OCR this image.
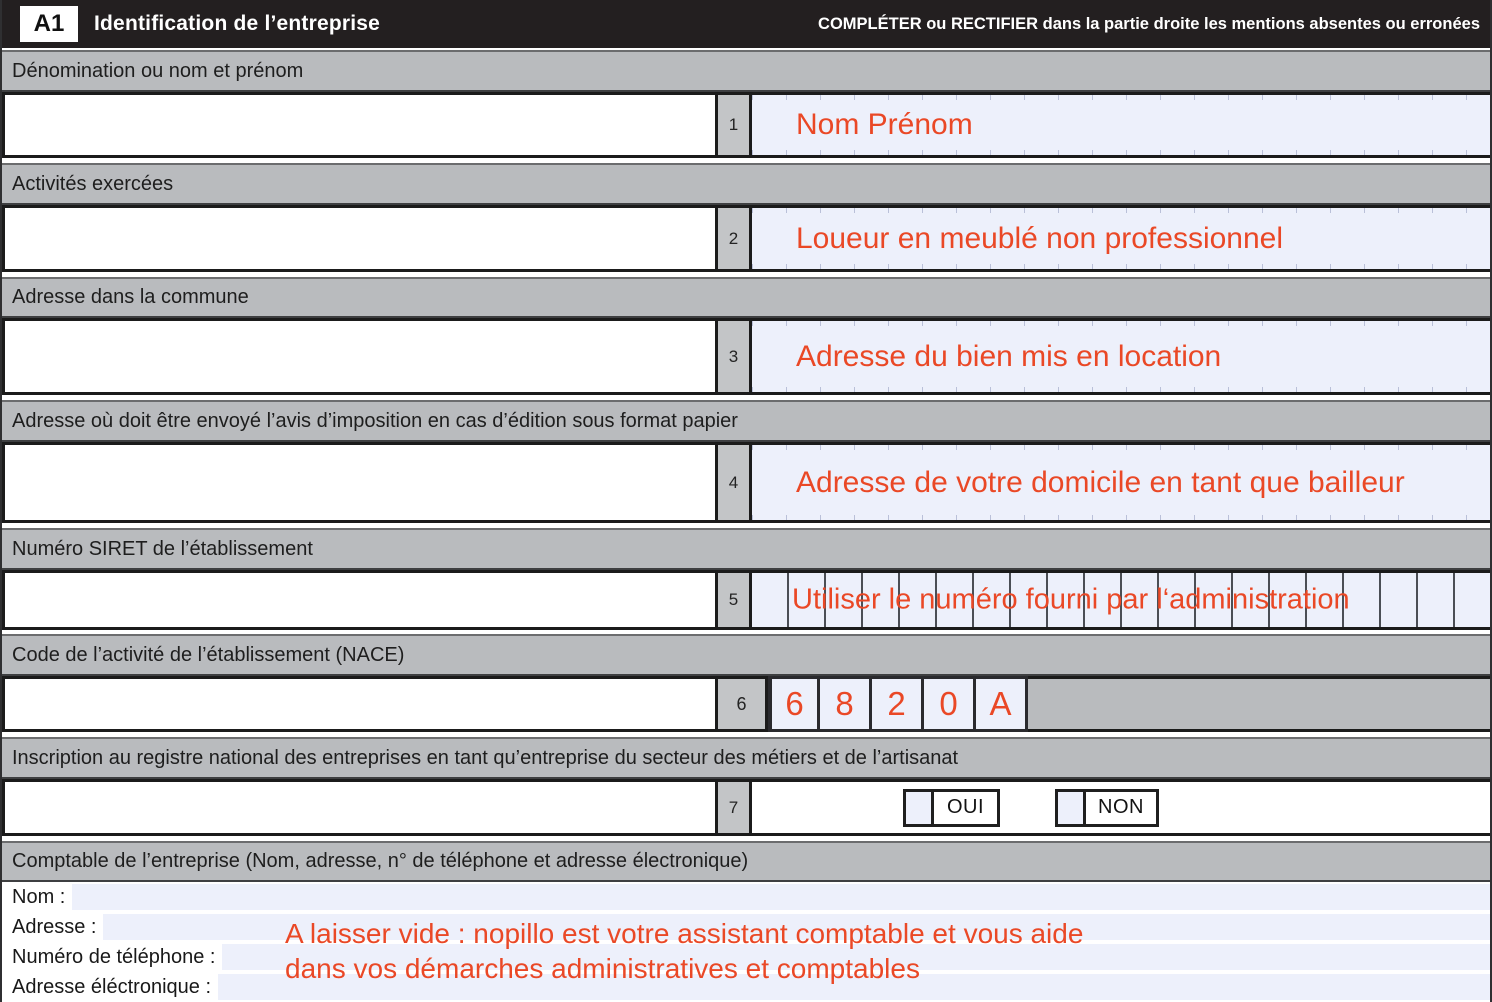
A1	Identification de l’entreprise	COMPLÉTER ou RECTIFIER dans la partie droite les mentions absentes ou erronées
Dénomination ou nom et prénom
1	Nom Prénom
Activités exercées
2	Loueur en meublé non professionnel
Adresse dans la commune
3	Adresse du bien mis en location
Adresse où doit être envoyé l’avis d’imposition en cas d’édition sous format papier
4	Adresse de votre domicile en tant que bailleur
Numéro SIRET de l’établissement
5	Utiliser le numéro fourni par l‘administration
Code de l’activité de l’établissement (NACE)
6	6 8	2	0 A
Inscription au registre national des entreprises en tant qu’entreprise du secteur des métiers et de l’artisanat
7	OUI	NON
Comptable de l’entreprise (Nom, adresse, n° de téléphone et adresse électronique)
Nom :
Adresse :
Numéro de téléphone :
Adresse éléctronique :
A laisser vide : nopillo est votre assistant comptable et vous aide
dans vos démarches administratives et comptables
